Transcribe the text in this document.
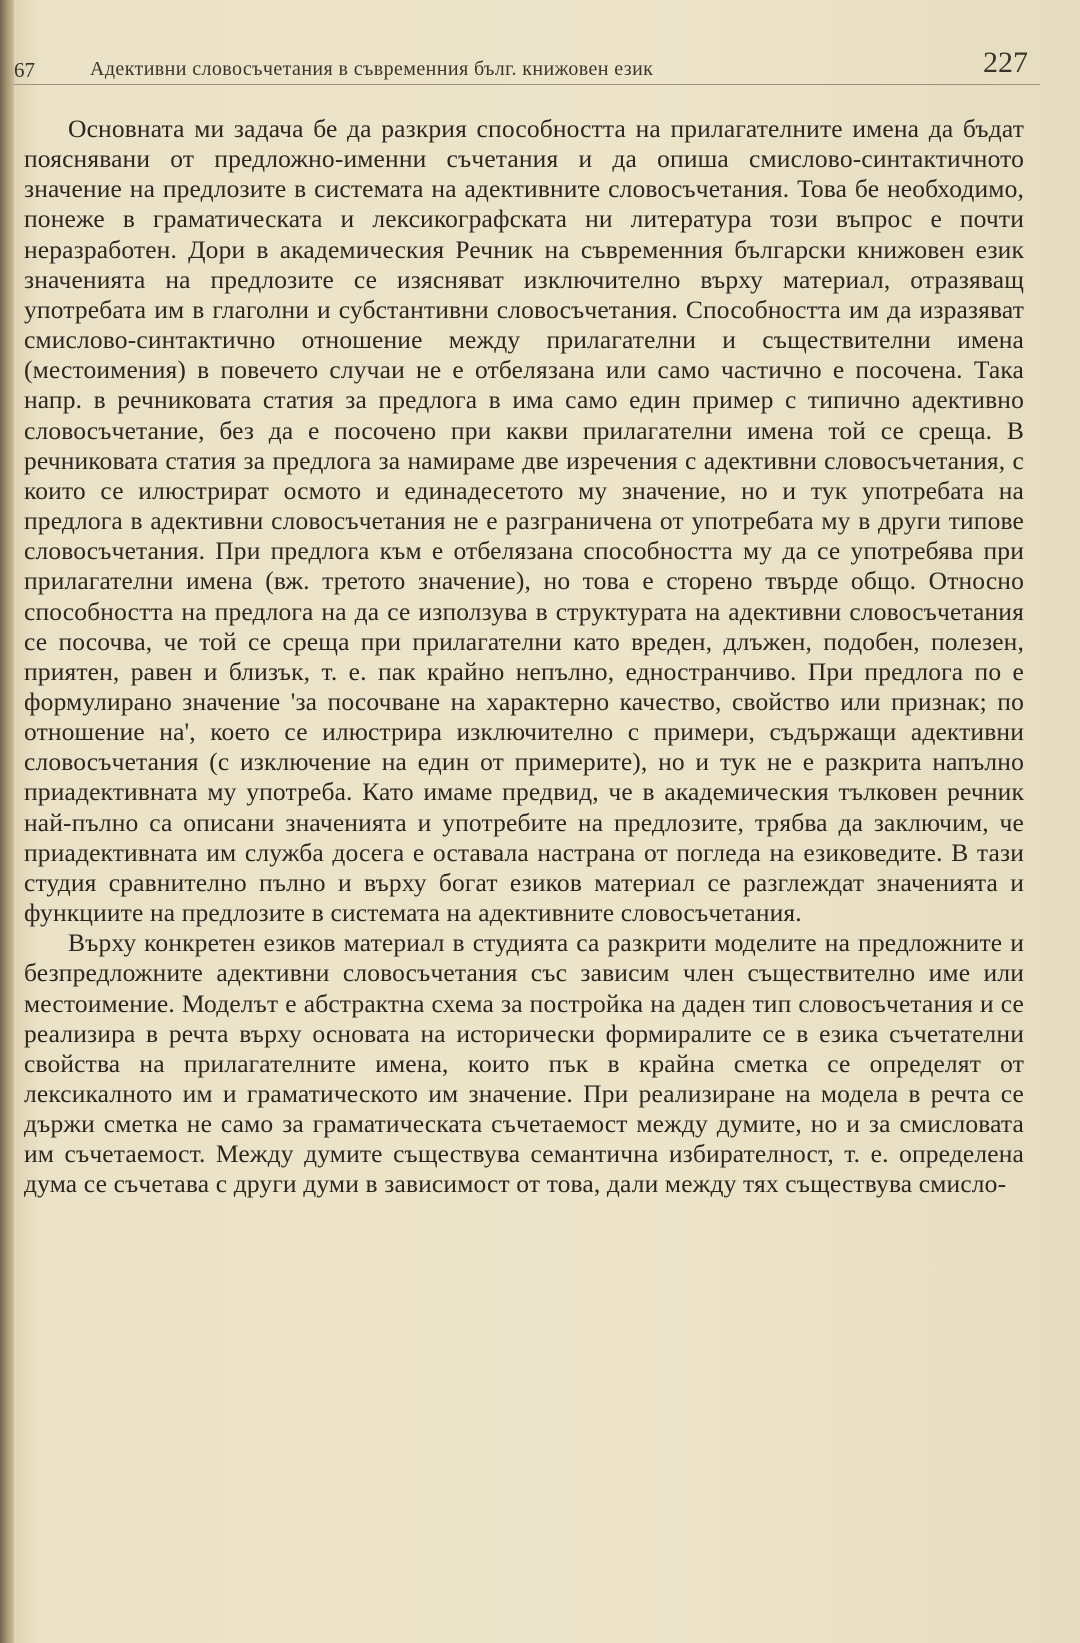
67	Адективни словосъчетания в съвременния бълг. книжовен език	227

Основната ми задача бе да разкрия способността на прилагателните имена да бъдат пояснявани от предложно-именни съчетания и да опиша смислово-синтактичното значение на предлозите в системата на адективните словосъчетания. Това бе необходимо, понеже в граматическата и лексикографската ни литература този въпрос е почти неразработен. Дори в академическия Речник на съвременния български книжовен език значенията на предлозите се изясняват изключително върху материал, отразяващ употребата им в глаголни и субстантивни словосъчетания. Способността им да изразяват смислово-синтактично отношение между прилагателни и съществителни имена (местоимения) в повечето случаи не е отбелязана или само частично е посочена. Така напр. в речниковата статия за предлога в има само един пример с типично адективно словосъчетание, без да е посочено при какви прилагателни имена той се среща. В речниковата статия за предлога за намираме две изречения с адективни словосъчетания, с които се илюстрират осмото и единадесетото му значение, но и тук употребата на предлога в адективни словосъчетания не е разграничена от употребата му в други типове словосъчетания. При предлога към е отбелязана способността му да се употребява при прилагателни имена (вж. третото значение), но това е сторено твърде общо. Относно способността на предлога на да се използува в структурата на адективни словосъчетания се посочва, че той се среща при прилагателни като вреден, длъжен, подобен, полезен, приятен, равен и близък, т. е. пак крайно непълно, едностранчиво. При предлога по е формулирано значение 'за посочване на характерно качество, свойство или признак; по отношение на', което се илюстрира изключително с примери, съдържащи адективни словосъчетания (с изключение на един от примерите), но и тук не е разкрита напълно приадективната му употреба. Като имаме предвид, че в академическия тълковен речник най-пълно са описани значенията и употребите на предлозите, трябва да заключим, че приадективната им служба досега е оставала настрана от погледа на езиковедите. В тази студия сравнително пълно и върху богат езиков материал се разглеждат значенията и функциите на предлозите в системата на адективните словосъчетания.

Върху конкретен езиков материал в студията са разкрити моделите на предложните и безпредложните адективни словосъчетания със зависим член съществително име или местоимение. Моделът е абстрактна схема за постройка на даден тип словосъчетания и се реализира в речта върху основата на исторически формиралите се в езика съчетателни свойства на прилагателните имена, които пък в крайна сметка се определят от лексикалното им и граматическото им значение. При реализиране на модела в речта се държи сметка не само за граматическата съчетаемост между думите, но и за смисловата им съчетаемост. Между думите съществува семантична избирателност, т. е. определена дума се съчетава с други думи в зависимост от това, дали между тях съществува смисло-
